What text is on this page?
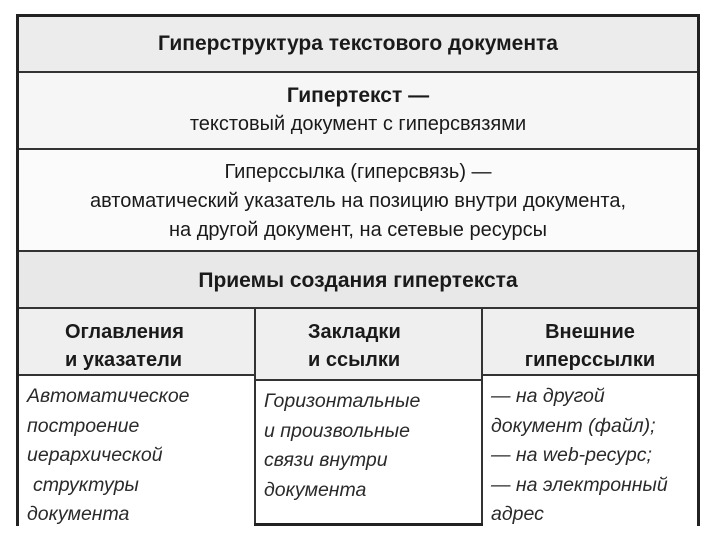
Гиперструктура текстового документа
Гипертекст —
текстовый документ с гиперсвязями
Гиперссылка (гиперсвязь) —
автоматический указатель на позицию внутри документа,
на другой документ, на сетевые ресурсы
Приемы создания гипертекста
Оглавления
и указатели
Автоматическое
построение
иерархической
структуры
документа
Закладки
и ссылки
Горизонтальные
и произвольные
связи внутри
документа
Внешние
гиперссылки
— на другой
документ (файл);
— на web-ресурс;
— на электронный
адрес
